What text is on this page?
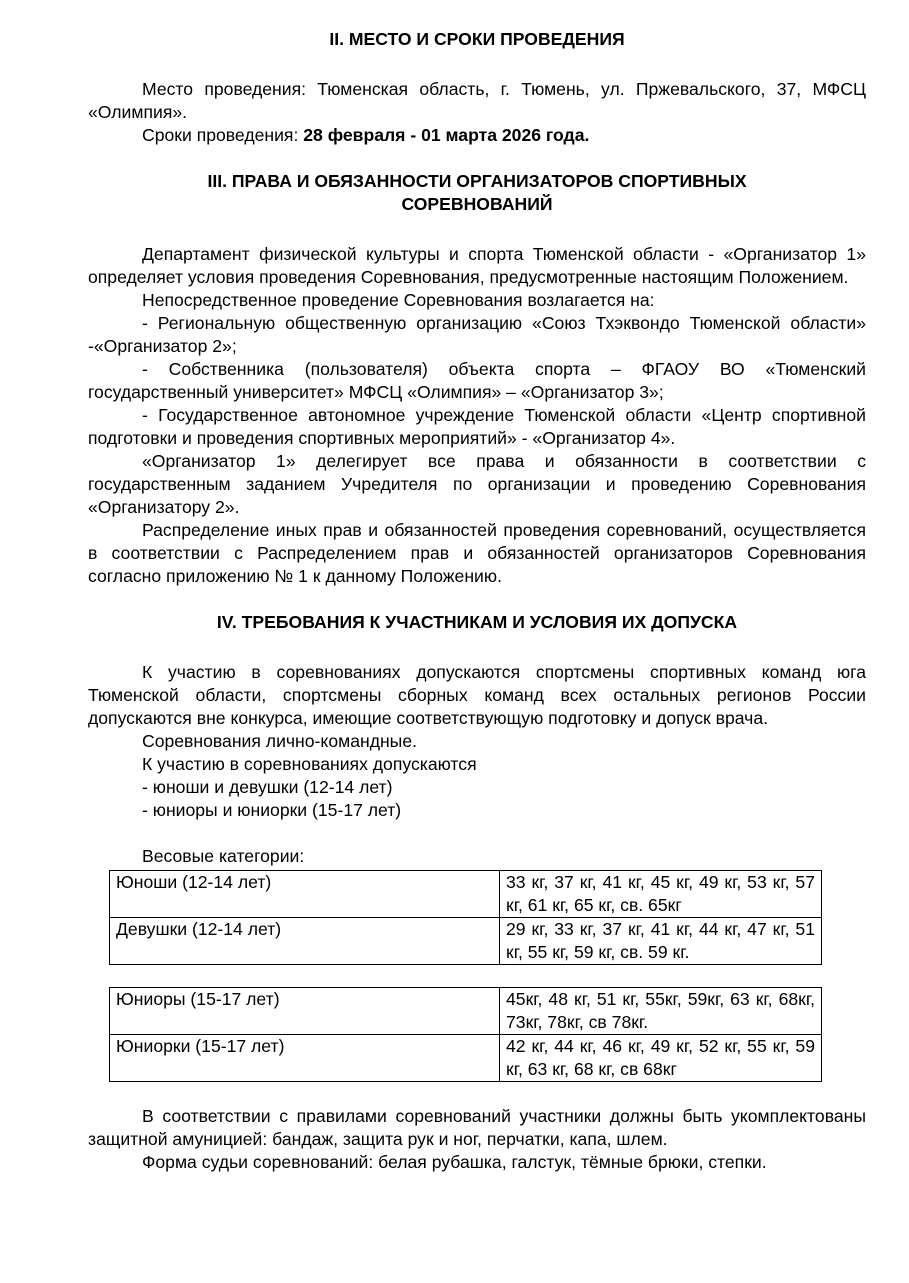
II. МЕСТО И СРОКИ ПРОВЕДЕНИЯ

Место проведения: Тюменская область, г. Тюмень, ул. Пржевальского, 37, МФСЦ «Олимпия».

Сроки проведения: 28 февраля - 01 марта 2026 года.

III. ПРАВА И ОБЯЗАННОСТИ ОРГАНИЗАТОРОВ СПОРТИВНЫХ
СОРЕВНОВАНИЙ

Департамент физической культуры и спорта Тюменской области - «Организатор 1» определяет условия проведения Соревнования, предусмотренные настоящим Положением.

Непосредственное проведение Соревнования возлагается на:

- Региональную общественную организацию «Союз Тхэквондо Тюменской области» -«Организатор 2»;

- Собственника (пользователя) объекта спорта – ФГАОУ ВО «Тюменский государственный университет» МФСЦ «Олимпия» – «Организатор 3»;

- Государственное автономное учреждение Тюменской области «Центр спортивной подготовки и проведения спортивных мероприятий» - «Организатор 4».

«Организатор 1» делегирует все права и обязанности в соответствии с государственным заданием Учредителя по организации и проведению Соревнования «Организатору 2».

Распределение иных прав и обязанностей проведения соревнований, осуществляется в соответствии с Распределением прав и обязанностей организаторов Соревнования согласно приложению № 1 к данному Положению.

IV. ТРЕБОВАНИЯ К УЧАСТНИКАМ И УСЛОВИЯ ИХ ДОПУСКА

К участию в соревнованиях допускаются спортсмены спортивных команд юга Тюменской области, спортсмены сборных команд всех остальных регионов России допускаются вне конкурса, имеющие соответствующую подготовку и допуск врача.

Соревнования лично-командные.

К участию в соревнованиях допускаются

- юноши и девушки (12-14 лет)

- юниоры и юниорки (15-17 лет)

Весовые категории:

Юноши (12-14 лет)	33 кг, 37 кг, 41 кг, 45 кг, 49 кг, 53 кг, 57 кг, 61 кг, 65 кг, св. 65кг
Девушки (12-14 лет)	29 кг, 33 кг, 37 кг, 41 кг, 44 кг, 47 кг, 51 кг, 55 кг, 59 кг, св. 59 кг.
Юниоры (15-17 лет)	45кг, 48 кг, 51 кг, 55кг, 59кг, 63 кг, 68кг, 73кг, 78кг, св 78кг.
Юниорки (15-17 лет)	42 кг, 44 кг, 46 кг, 49 кг, 52 кг, 55 кг, 59 кг, 63 кг, 68 кг, св 68кг

В соответствии с правилами соревнований участники должны быть укомплектованы защитной амуницией: бандаж, защита рук и ног, перчатки, капа, шлем.

Форма судьи соревнований: белая рубашка, галстук, тёмные брюки, степки.
